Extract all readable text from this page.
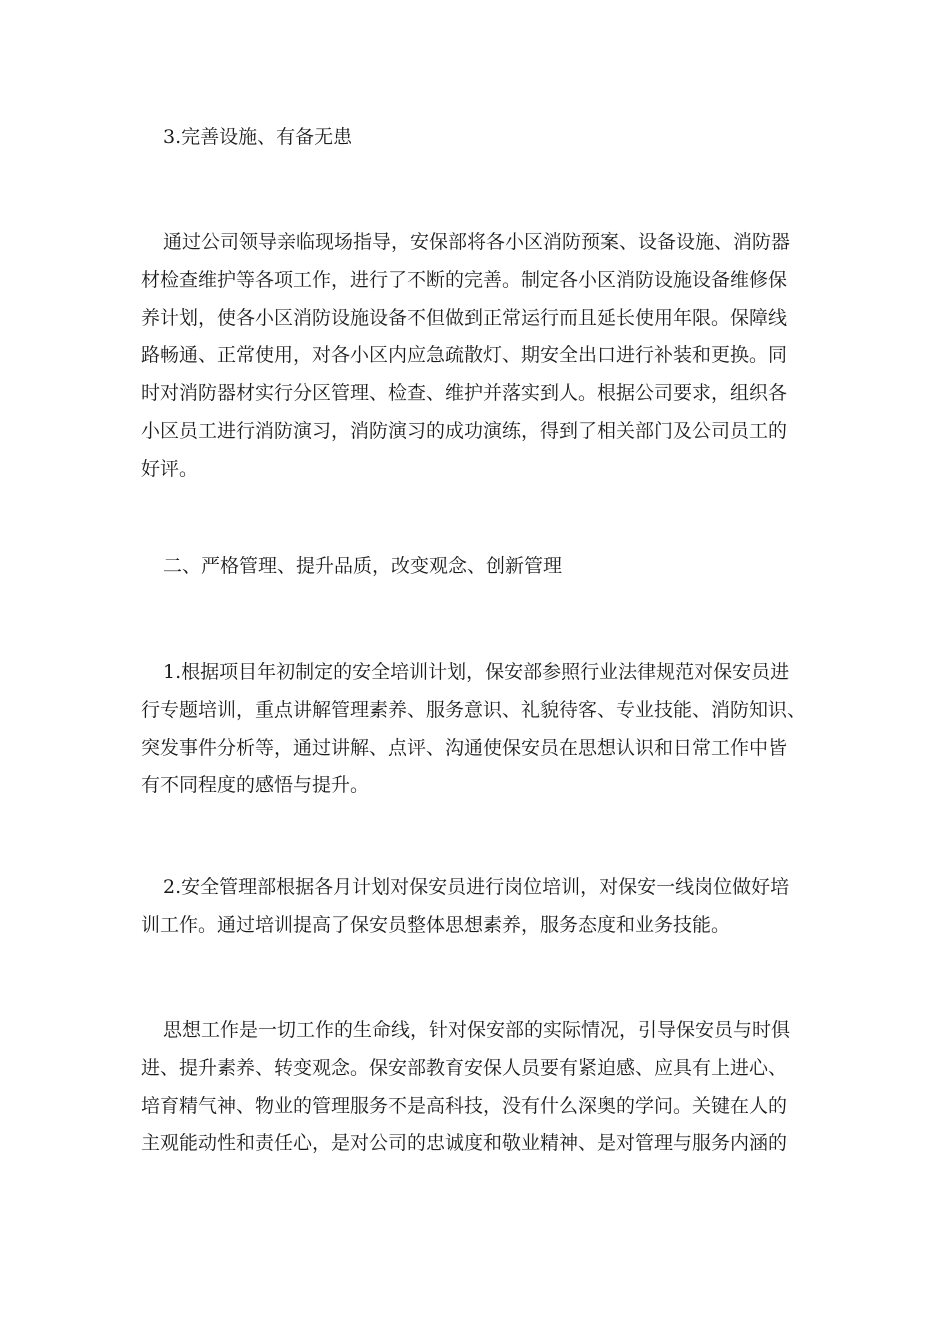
3.完善设施、有备无患
通过公司领导亲临现场指导，安保部将各小区消防预案、设备设施、消防器
材检查维护等各项工作，进行了不断的完善。制定各小区消防设施设备维修保
养计划，使各小区消防设施设备不但做到正常运行而且延长使用年限。保障线
路畅通、正常使用，对各小区内应急疏散灯、期安全出口进行补装和更换。同
时对消防器材实行分区管理、检查、维护并落实到人。根据公司要求，组织各
小区员工进行消防演习，消防演习的成功演练，得到了相关部门及公司员工的
好评。
二、严格管理、提升品质，改变观念、创新管理
1.根据项目年初制定的安全培训计划，保安部参照行业法律规范对保安员进
行专题培训，重点讲解管理素养、服务意识、礼貌待客、专业技能、消防知识、
突发事件分析等，通过讲解、点评、沟通使保安员在思想认识和日常工作中皆
有不同程度的感悟与提升。
2.安全管理部根据各月计划对保安员进行岗位培训，对保安一线岗位做好培
训工作。通过培训提高了保安员整体思想素养，服务态度和业务技能。
思想工作是一切工作的生命线，针对保安部的实际情况，引导保安员与时俱
进、提升素养、转变观念。保安部教育安保人员要有紧迫感、应具有上进心、
培育精气神、物业的管理服务不是高科技，没有什么深奥的学问。关键在人的
主观能动性和责任心，是对公司的忠诚度和敬业精神、是对管理与服务内涵的
